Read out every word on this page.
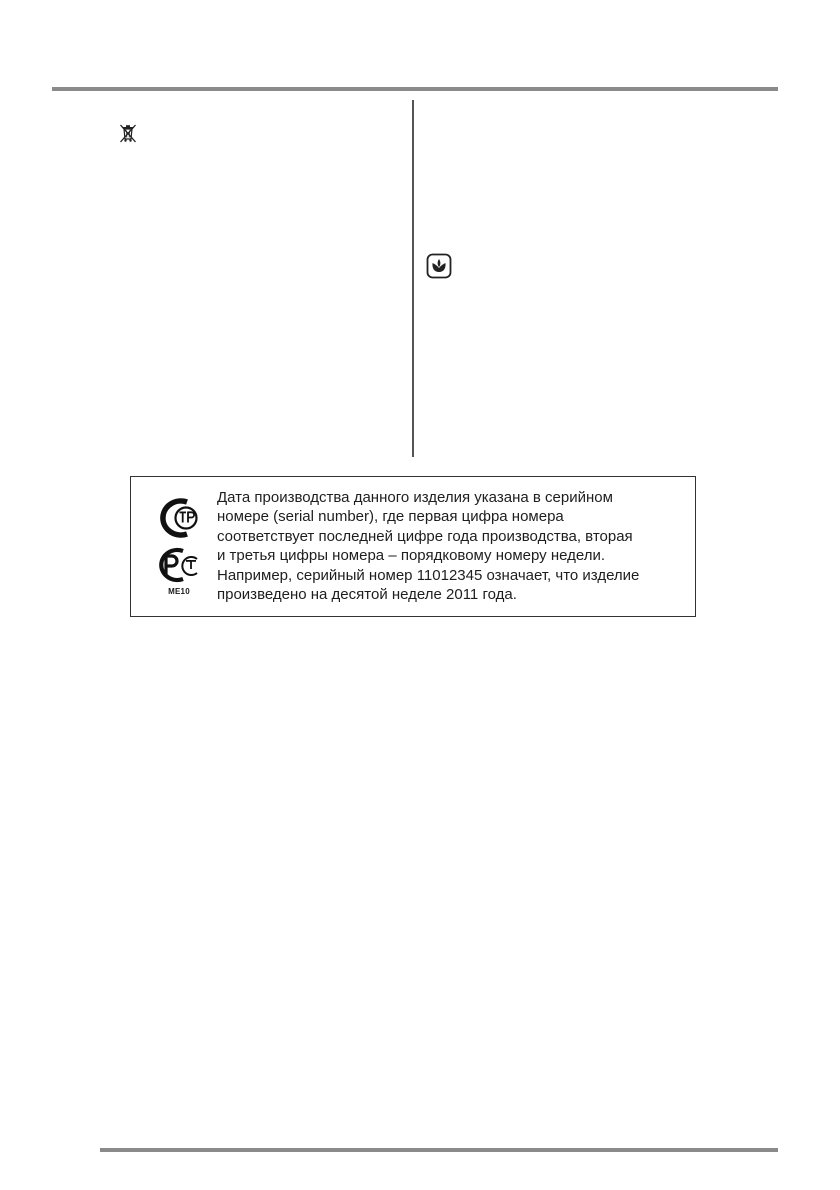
МЕ10
Дата производства данного изделия указана в серийном
номере (serial number), где первая цифра номера
соответствует последней цифре года производства, вторая
и третья цифры номера – порядковому номеру недели.
Например, серийный номер 11012345 означает, что изделие
произведено на десятой неделе 2011 года.
